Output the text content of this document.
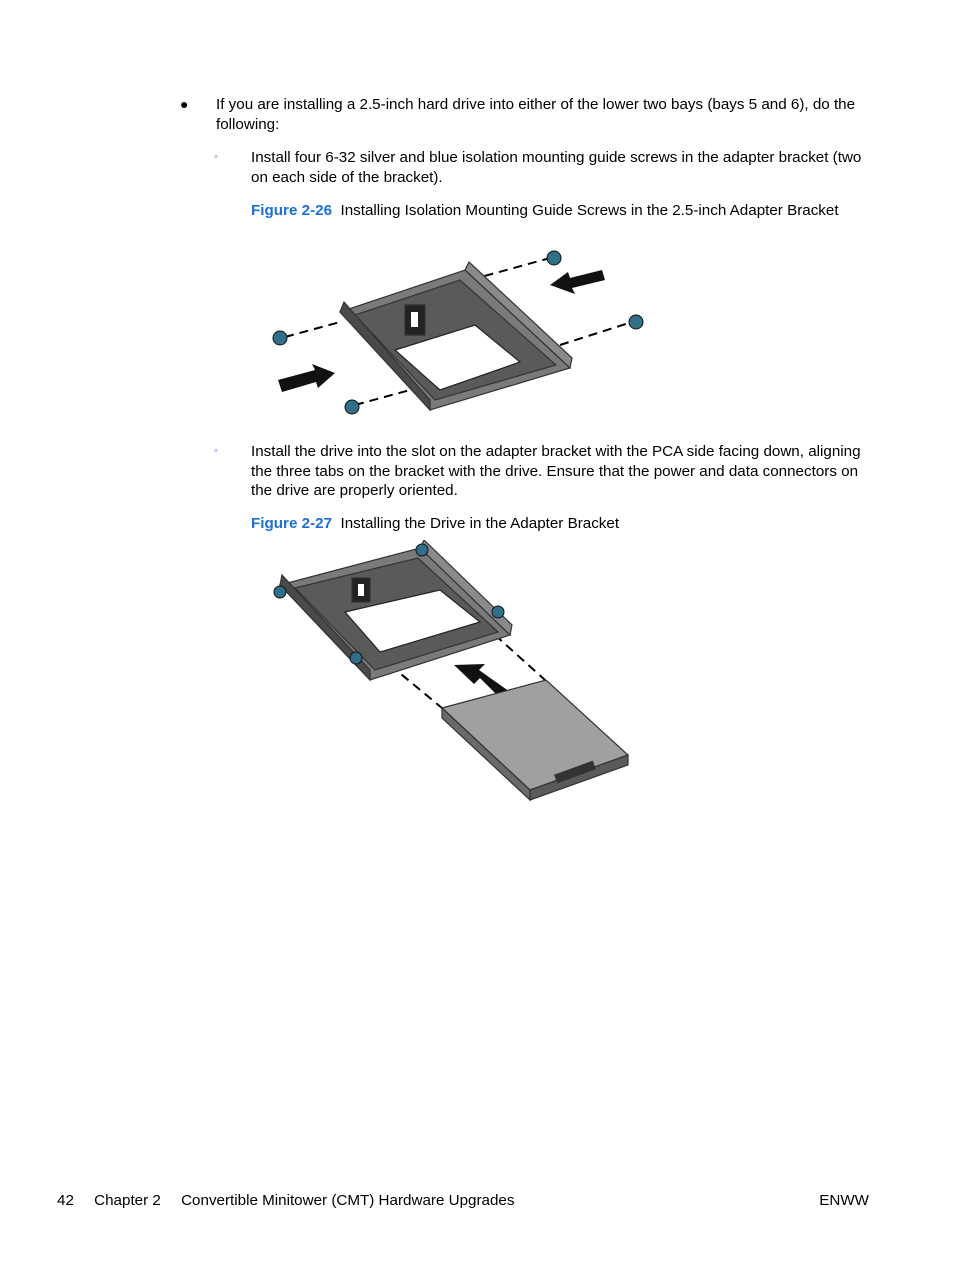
● If you are installing a 2.5-inch hard drive into either of the lower two bays (bays 5 and 6), do the following:
◦ Install four 6-32 silver and blue isolation mounting guide screws in the adapter bracket (two on each side of the bracket).
Figure 2-26 Installing Isolation Mounting Guide Screws in the 2.5-inch Adapter Bracket
◦ Install the drive into the slot on the adapter bracket with the PCA side facing down, aligning the three tabs on the bracket with the drive. Ensure that the power and data connectors on the drive are properly oriented.
Figure 2-27 Installing the Drive in the Adapter Bracket
42 Chapter 2 Convertible Minitower (CMT) Hardware Upgrades	ENWW
